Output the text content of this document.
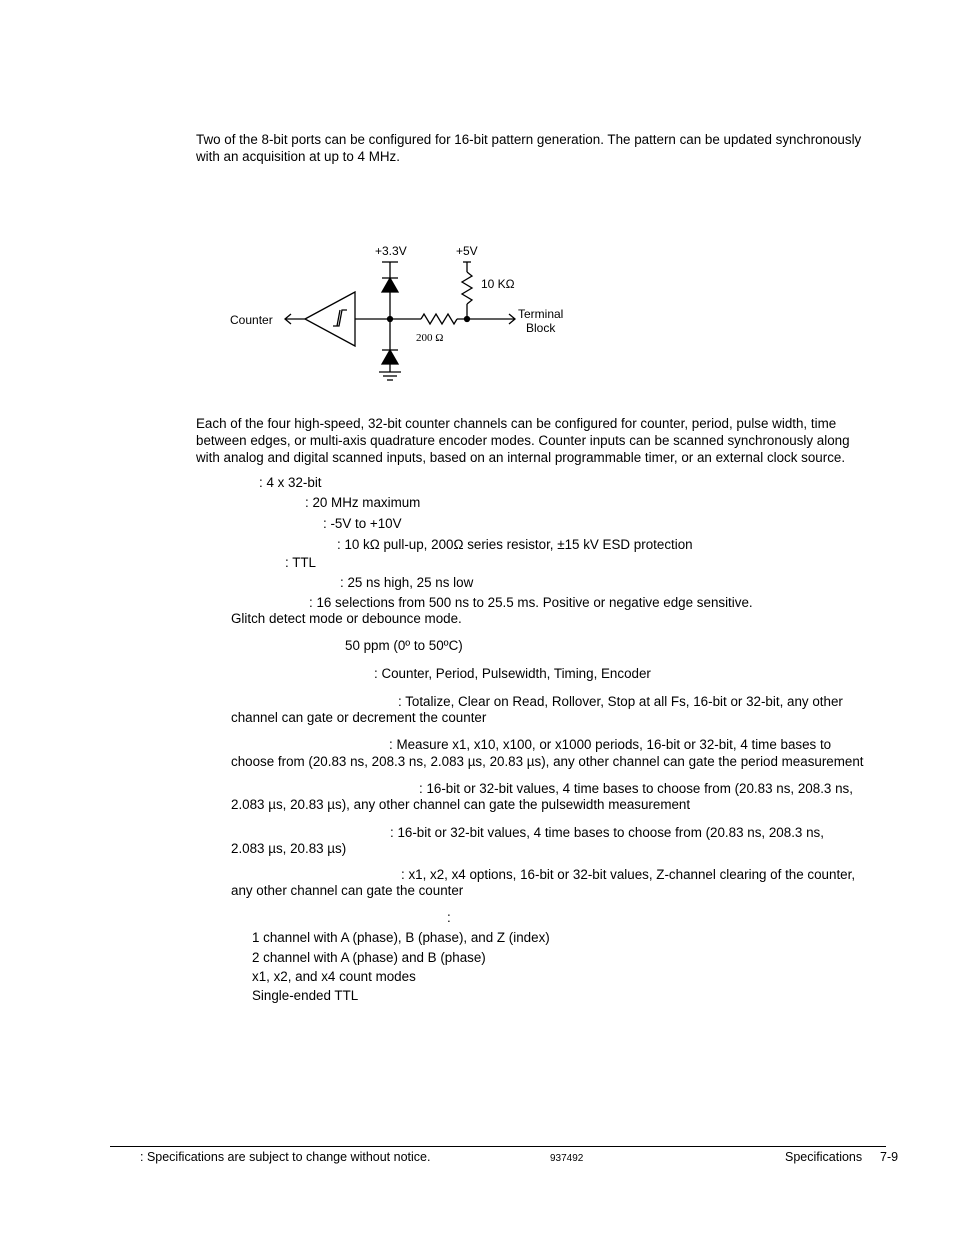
Two of the 8-bit ports can be configured for 16-bit pattern generation. The pattern can be updated synchronously
with an acquisition at up to 4 MHz.
+3.3V	+5V
10 KΩ
Counter	Terminal
Block
200 Ω
Each of the four high-speed, 32-bit counter channels can be configured for counter, period, pulse width, time
between edges, or multi-axis quadrature encoder modes. Counter inputs can be scanned synchronously along
with analog and digital scanned inputs, based on an internal programmable timer, or an external clock source.
: 4 x 32-bit
: 20 MHz maximum
: -5V to +10V
: 10 kΩ pull-up, 200Ω series resistor, ±15 kV ESD protection
: TTL
: 25 ns high, 25 ns low
: 16 selections from 500 ns to 25.5 ms. Positive or negative edge sensitive.
Glitch detect mode or debounce mode.
50 ppm (0º to 50ºC)
: Counter, Period, Pulsewidth, Timing, Encoder
: Totalize, Clear on Read, Rollover, Stop at all Fs, 16-bit or 32-bit, any other
channel can gate or decrement the counter
: Measure x1, x10, x100, or x1000 periods, 16-bit or 32-bit, 4 time bases to
choose from (20.83 ns, 208.3 ns, 2.083 µs, 20.83 µs), any other channel can gate the period measurement
: 16-bit or 32-bit values, 4 time bases to choose from (20.83 ns, 208.3 ns,
2.083 µs, 20.83 µs), any other channel can gate the pulsewidth measurement
: 16-bit or 32-bit values, 4 time bases to choose from (20.83 ns, 208.3 ns,
2.083 µs, 20.83 µs)
: x1, x2, x4 options, 16-bit or 32-bit values, Z-channel clearing of the counter,
any other channel can gate the counter
:
1 channel with A (phase), B (phase), and Z (index)
2 channel with A (phase) and B (phase)
x1, x2, and x4 count modes
Single-ended TTL
: Specifications are subject to change without notice.	937492	Specifications 7-9
